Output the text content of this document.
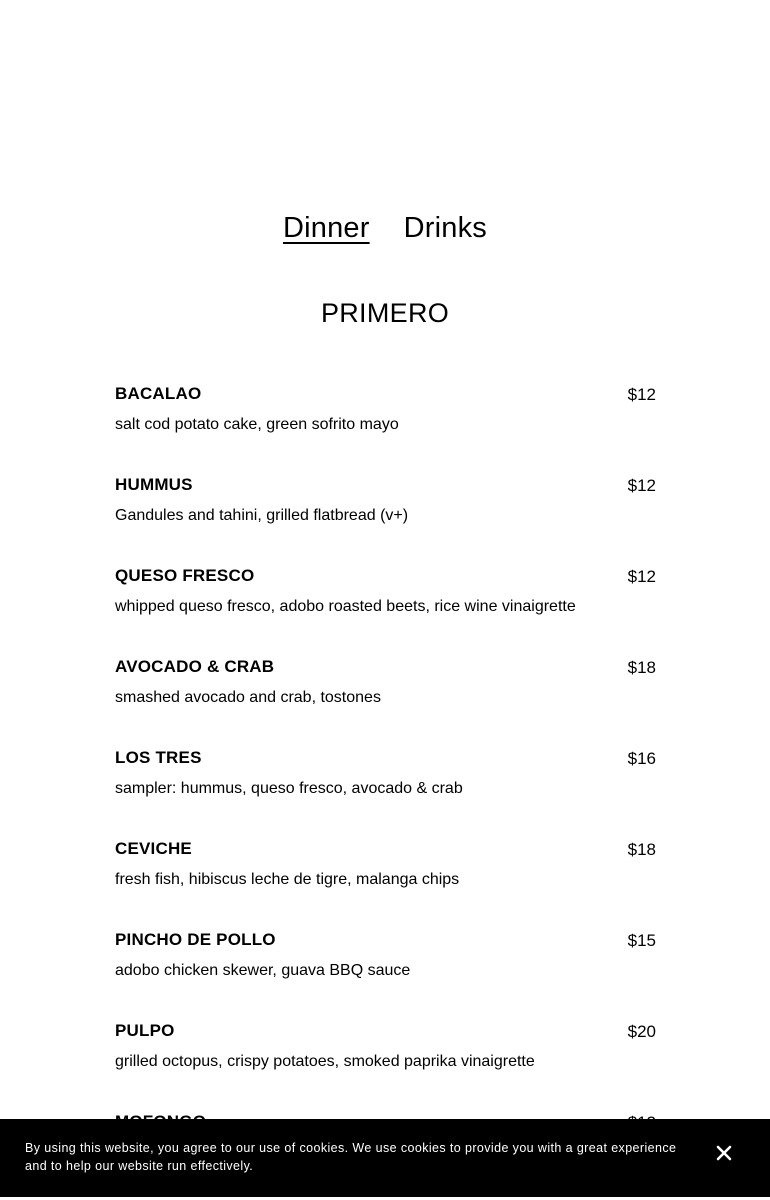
Dinner Drinks
PRIMERO
BACALAO	$12
salt cod potato cake, green sofrito mayo
HUMMUS	$12
Gandules and tahini, grilled flatbread (v+)
QUESO FRESCO	$12
whipped queso fresco, adobo roasted beets, rice wine vinaigrette
AVOCADO & CRAB	$18
smashed avocado and crab, tostones
LOS TRES	$16
sampler: hummus, queso fresco, avocado & crab
CEVICHE	$18
fresh fish, hibiscus leche de tigre, malanga chips
PINCHO DE POLLO	$15
adobo chicken skewer, guava BBQ sauce
PULPO	$20
grilled octopus, crispy potatoes, smoked paprika vinaigrette

By using this website, you agree to our use of cookies. We use cookies to provide you with a great experience and to help our website run effectively.
